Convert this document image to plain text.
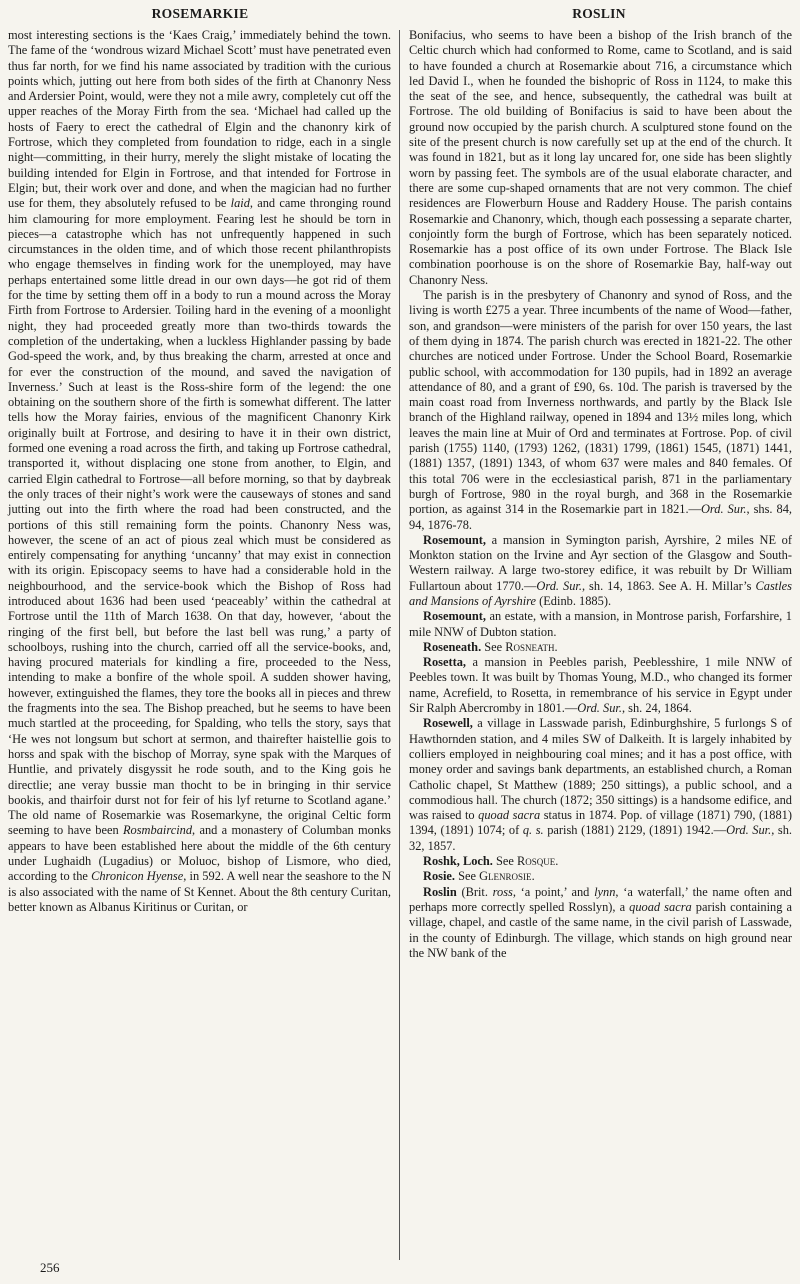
ROSEMARKIE	ROSLIN

most interesting sections is the ‘Kaes Craig,’ immediately behind the town. The fame of the ‘wondrous wizard Michael Scott’ must have penetrated even thus far north, for we find his name associated by tradition with the curious points which, jutting out here from both sides of the firth at Chanonry Ness and Ardersier Point, would, were they not a mile awry, completely cut off the upper reaches of the Moray Firth from the sea. ‘Michael had called up the hosts of Faery to erect the cathedral of Elgin and the chanonry kirk of Fortrose, which they completed from foundation to ridge, each in a single night—committing, in their hurry, merely the slight mistake of locating the building intended for Elgin in Fortrose, and that intended for Fortrose in Elgin; but, their work over and done, and when the magician had no further use for them, they absolutely refused to be laid, and came thronging round him clamouring for more employment. Fearing lest he should be torn in pieces—a catastrophe which has not unfrequently happened in such circumstances in the olden time, and of which those recent philanthropists who engage themselves in finding work for the unemployed, may have perhaps entertained some little dread in our own days—he got rid of them for the time by setting them off in a body to run a mound across the Moray Firth from Fortrose to Ardersier. Toiling hard in the evening of a moonlight night, they had proceeded greatly more than two-thirds towards the completion of the undertaking, when a luckless Highlander passing by bade God-speed the work, and, by thus breaking the charm, arrested at once and for ever the construction of the mound, and saved the navigation of Inverness.’ Such at least is the Ross-shire form of the legend: the one obtaining on the southern shore of the firth is somewhat different. The latter tells how the Moray fairies, envious of the magnificent Chanonry Kirk originally built at Fortrose, and desiring to have it in their own district, formed one evening a road across the firth, and taking up Fortrose cathedral, transported it, without displacing one stone from another, to Elgin, and carried Elgin cathedral to Fortrose—all before morning, so that by daybreak the only traces of their night’s work were the causeways of stones and sand jutting out into the firth where the road had been constructed, and the portions of this still remaining form the points. Chanonry Ness was, however, the scene of an act of pious zeal which must be considered as entirely compensating for anything ‘uncanny’ that may exist in connection with its origin. Episcopacy seems to have had a considerable hold in the neighbourhood, and the service-book which the Bishop of Ross had introduced about 1636 had been used ‘peaceably’ within the cathedral at Fortrose until the 11th of March 1638. On that day, however, ‘about the ringing of the first bell, but before the last bell was rung,’ a party of schoolboys, rushing into the church, carried off all the service-books, and, having procured materials for kindling a fire, proceeded to the Ness, intending to make a bonfire of the whole spoil. A sudden shower having, however, extinguished the flames, they tore the books all in pieces and threw the fragments into the sea. The Bishop preached, but he seems to have been much startled at the proceeding, for Spalding, who tells the story, says that ‘He wes not longsum but schort at sermon, and thairefter haistellie gois to horss and spak with the bischop of Morray, syne spak with the Marques of Huntlie, and privately disgyssit he rode south, and to the King gois he directlie; ane veray bussie man thocht to be in bringing in thir service bookis, and thairfoir durst not for feir of his lyf returne to Scotland agane.’ The old name of Rosemarkie was Rosemarkyne, the original Celtic form seeming to have been Rosmbaircind, and a monastery of Columban monks appears to have been established here about the middle of the 6th century under Lughaidh (Lugadius) or Moluoc, bishop of Lismore, who died, according to the Chronicon Hyense, in 592. A well near the seashore to the N is also associated with the name of St Kennet. About the 8th century Curitan, better known as Albanus Kiritinus or Curitan, or

Bonifacius, who seems to have been a bishop of the Irish branch of the Celtic church which had conformed to Rome, came to Scotland, and is said to have founded a church at Rosemarkie about 716, a circumstance which led David I., when he founded the bishopric of Ross in 1124, to make this the seat of the see, and hence, subsequently, the cathedral was built at Fortrose. The old building of Bonifacius is said to have been about the ground now occupied by the parish church. A sculptured stone found on the site of the present church is now carefully set up at the end of the church. It was found in 1821, but as it long lay uncared for, one side has been slightly worn by passing feet. The symbols are of the usual elaborate character, and there are some cup-shaped ornaments that are not very common. The chief residences are Flowerburn House and Raddery House. The parish contains Rosemarkie and Chanonry, which, though each possessing a separate charter, conjointly form the burgh of Fortrose, which has been separately noticed. Rosemarkie has a post office of its own under Fortrose. The Black Isle combination poorhouse is on the shore of Rosemarkie Bay, half-way out Chanonry Ness.

The parish is in the presbytery of Chanonry and synod of Ross, and the living is worth £275 a year. Three incumbents of the name of Wood—father, son, and grandson—were ministers of the parish for over 150 years, the last of them dying in 1874. The parish church was erected in 1821-22. The other churches are noticed under Fortrose. Under the School Board, Rosemarkie public school, with accommodation for 130 pupils, had in 1892 an average attendance of 80, and a grant of £90, 6s. 10d. The parish is traversed by the main coast road from Inverness northwards, and partly by the Black Isle branch of the Highland railway, opened in 1894 and 13½ miles long, which leaves the main line at Muir of Ord and terminates at Fortrose. Pop. of civil parish (1755) 1140, (1793) 1262, (1831) 1799, (1861) 1545, (1871) 1441, (1881) 1357, (1891) 1343, of whom 637 were males and 840 females. Of this total 706 were in the ecclesiastical parish, 871 in the parliamentary burgh of Fortrose, 980 in the royal burgh, and 368 in the Rosemarkie portion, as against 314 in the Rosemarkie part in 1821.—Ord. Sur., shs. 84, 94, 1876-78.

Rosemount, a mansion in Symington parish, Ayrshire, 2 miles NE of Monkton station on the Irvine and Ayr section of the Glasgow and South-Western railway. A large two-storey edifice, it was rebuilt by Dr William Fullartoun about 1770.—Ord. Sur., sh. 14, 1863. See A. H. Millar’s Castles and Mansions of Ayrshire (Edinb. 1885).

Rosemount, an estate, with a mansion, in Montrose parish, Forfarshire, 1 mile NNW of Dubton station.

Roseneath. See Rosneath.

Rosetta, a mansion in Peebles parish, Peeblesshire, 1 mile NNW of Peebles town. It was built by Thomas Young, M.D., who changed its former name, Acrefield, to Rosetta, in remembrance of his service in Egypt under Sir Ralph Abercromby in 1801.—Ord. Sur., sh. 24, 1864.

Rosewell, a village in Lasswade parish, Edinburghshire, 5 furlongs S of Hawthornden station, and 4 miles SW of Dalkeith. It is largely inhabited by colliers employed in neighbouring coal mines; and it has a post office, with money order and savings bank departments, an established church, a Roman Catholic chapel, St Matthew (1889; 250 sittings), a public school, and a commodious hall. The church (1872; 350 sittings) is a handsome edifice, and was raised to quoad sacra status in 1874. Pop. of village (1871) 790, (1881) 1394, (1891) 1074; of q. s. parish (1881) 2129, (1891) 1942.—Ord. Sur., sh. 32, 1857.

Roshk, Loch. See Rosque.

Rosie. See Glenrosie.

Roslin (Brit. ross, ‘a point,’ and lynn, ‘a waterfall,’ the name often and perhaps more correctly spelled Rosslyn), a quoad sacra parish containing a village, chapel, and castle of the same name, in the civil parish of Lasswade, in the county of Edinburgh. The village, which stands on high ground near the NW bank of the

256
